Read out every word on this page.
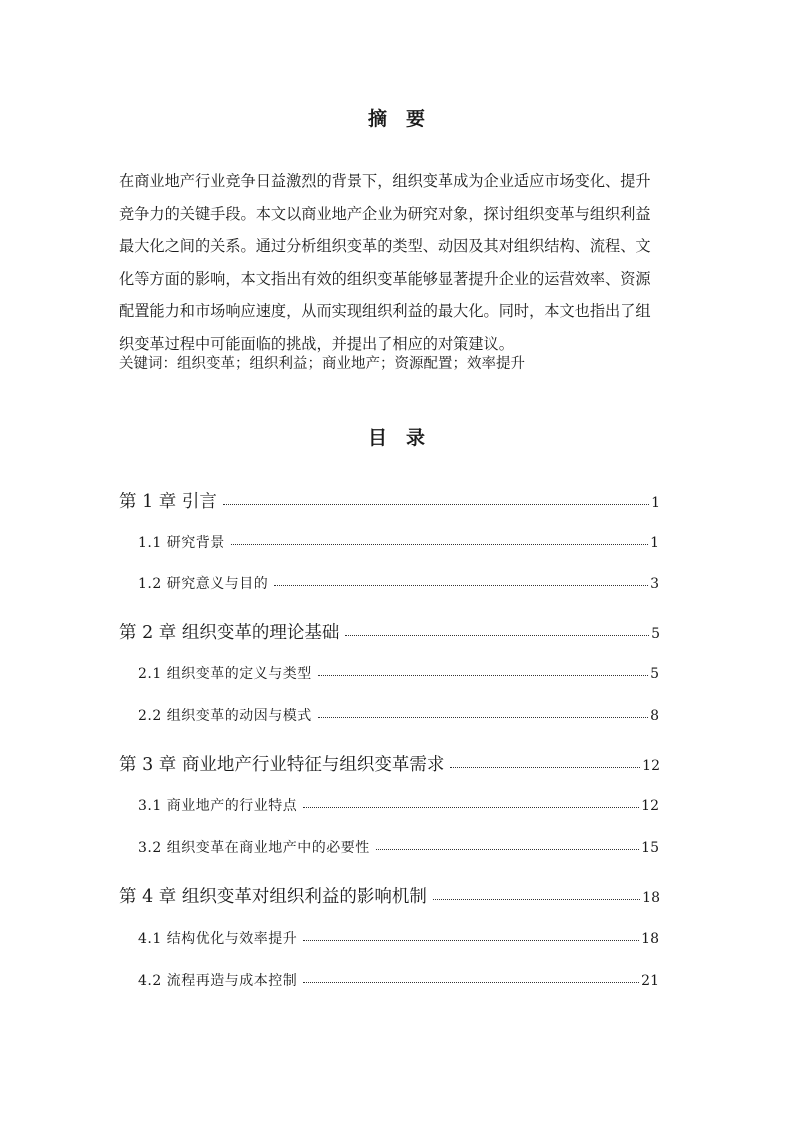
摘　要
在商业地产行业竞争日益激烈的背景下，组织变革成为企业适应市场变化、提升
竞争力的关键手段。本文以商业地产企业为研究对象，探讨组织变革与组织利益
最大化之间的关系。通过分析组织变革的类型、动因及其对组织结构、流程、文
化等方面的影响，本文指出有效的组织变革能够显著提升企业的运营效率、资源
配置能力和市场响应速度，从而实现组织利益的最大化。同时，本文也指出了组
织变革过程中可能面临的挑战，并提出了相应的对策建议。
关键词：组织变革；组织利益；商业地产；资源配置；效率提升
目　录
第 1 章 引言	1
1.1 研究背景	1
1.2 研究意义与目的	3
第 2 章 组织变革的理论基础	5
2.1 组织变革的定义与类型	5
2.2 组织变革的动因与模式	8
第 3 章 商业地产行业特征与组织变革需求	12
3.1 商业地产的行业特点	12
3.2 组织变革在商业地产中的必要性	15
第 4 章 组织变革对组织利益的影响机制	18
4.1 结构优化与效率提升	18
4.2 流程再造与成本控制	21
